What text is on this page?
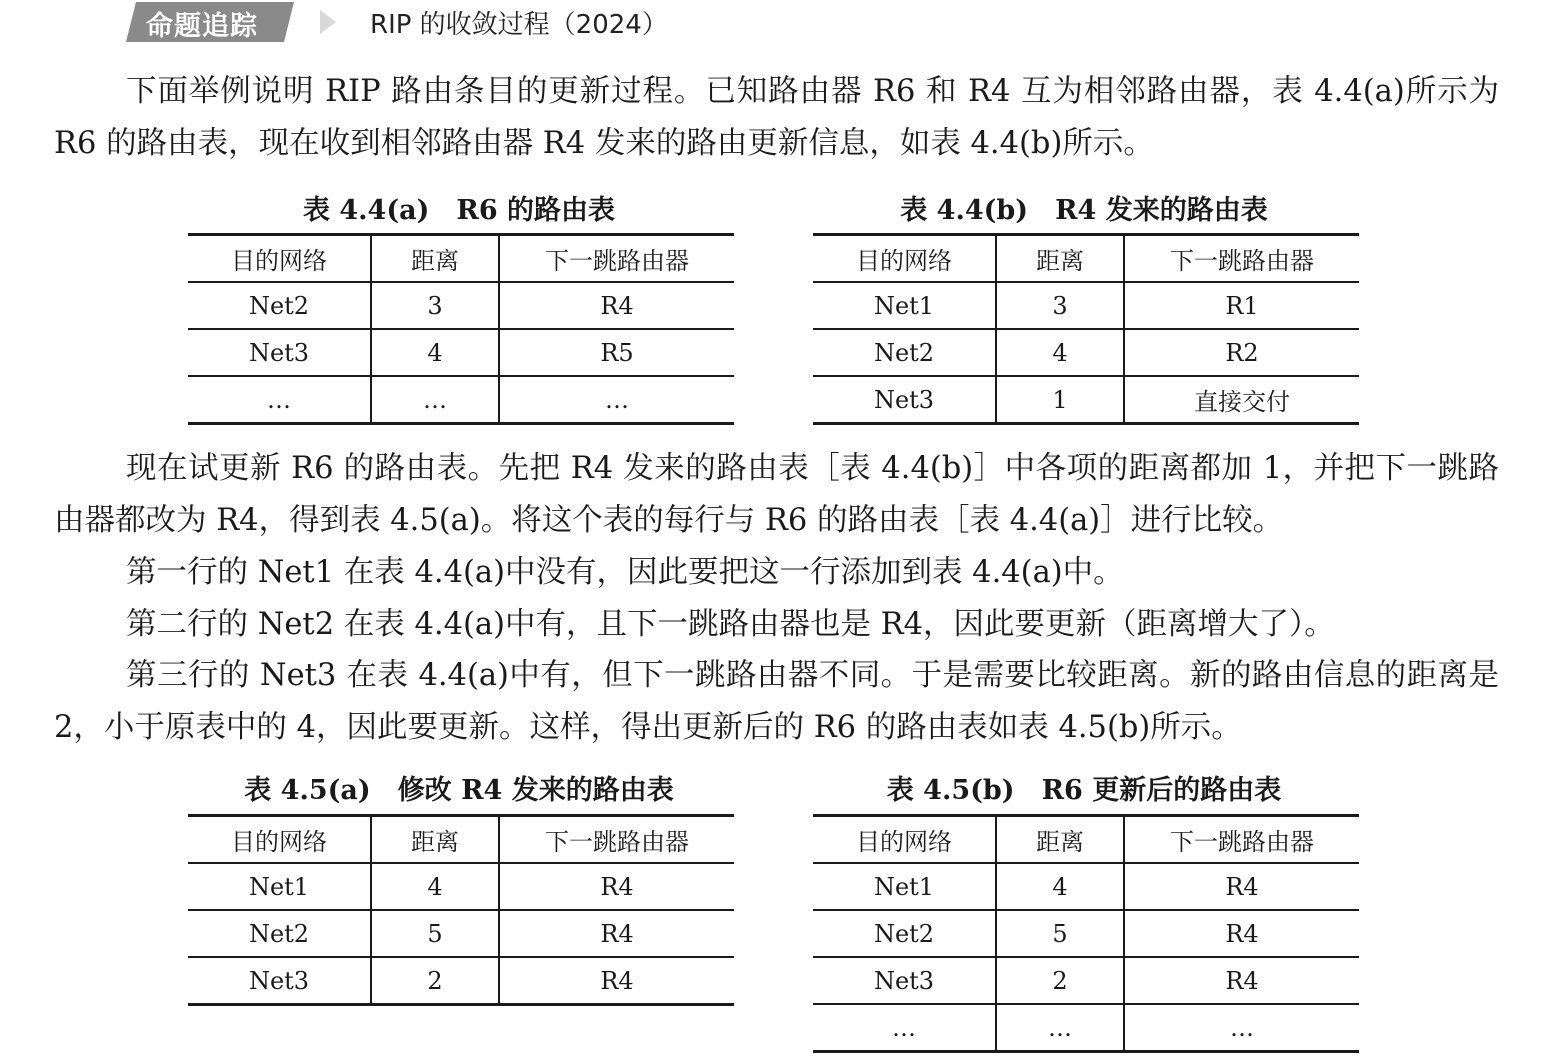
命题追踪	RIP 的收敛过程（2024）

下面举例说明 RIP 路由条目的更新过程。已知路由器 R6 和 R4 互为相邻路由器，表 4.4(a)所示为 R6 的路由表，现在收到相邻路由器 R4 发来的路由更新信息，如表 4.4(b)所示。

表 4.4(a)　R6 的路由表
目的网络	距离	下一跳路由器
Net2	3	R4
Net3	4	R5
…	…	…
表 4.4(b)　R4 发来的路由表
目的网络	距离	下一跳路由器
Net1	3	R1
Net2	4	R2
Net3	1	直接交付

现在试更新 R6 的路由表。先把 R4 发来的路由表［表 4.4(b)］中各项的距离都加 1，并把下一跳路由器都改为 R4，得到表 4.5(a)。将这个表的每行与 R6 的路由表［表 4.4(a)］进行比较。

第一行的 Net1 在表 4.4(a)中没有，因此要把这一行添加到表 4.4(a)中。
第二行的 Net2 在表 4.4(a)中有，且下一跳路由器也是 R4，因此要更新（距离增大了）。

第三行的 Net3 在表 4.4(a)中有，但下一跳路由器不同。于是需要比较距离。新的路由信息的距离是 2，小于原表中的 4，因此要更新。这样，得出更新后的 R6 的路由表如表 4.5(b)所示。

表 4.5(a)　修改 R4 发来的路由表
目的网络	距离	下一跳路由器
Net1	4	R4
Net2	5	R4
Net3	2	R4
表 4.5(b)　R6 更新后的路由表
目的网络	距离	下一跳路由器
Net1	4	R4
Net2	5	R4
Net3	2	R4
…	…	…
